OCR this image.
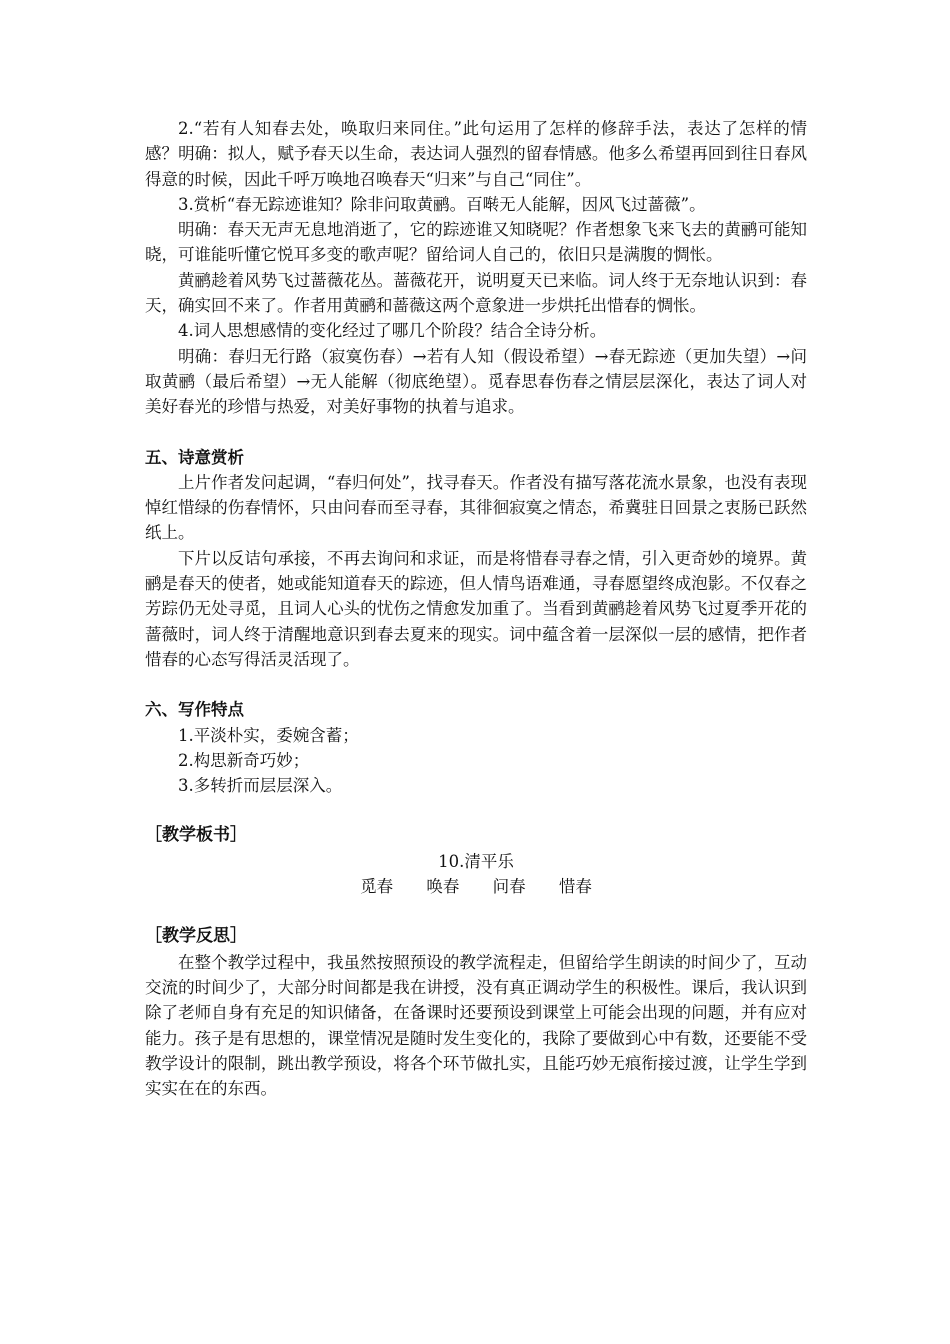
2.“若有人知春去处，唤取归来同住。”此句运用了怎样的修辞手法，表达了怎样的情感？明确：拟人，赋予春天以生命，表达词人强烈的留春情感。他多么希望再回到往日春风得意的时候，因此千呼万唤地召唤春天“归来”与自己“同住”。

3.赏析“春无踪迹谁知？除非问取黄鹂。百啭无人能解，因风飞过蔷薇”。

明确：春天无声无息地消逝了，它的踪迹谁又知晓呢？作者想象飞来飞去的黄鹂可能知晓，可谁能听懂它悦耳多变的歌声呢？留给词人自己的，依旧只是满腹的惆怅。

黄鹂趁着风势飞过蔷薇花丛。蔷薇花开，说明夏天已来临。词人终于无奈地认识到：春天，确实回不来了。作者用黄鹂和蔷薇这两个意象进一步烘托出惜春的惆怅。

4.词人思想感情的变化经过了哪几个阶段？结合全诗分析。

明确：春归无行路（寂寞伤春）→若有人知（假设希望）→春无踪迹（更加失望）→问取黄鹂（最后希望）→无人能解（彻底绝望）。觅春思春伤春之情层层深化，表达了词人对美好春光的珍惜与热爱，对美好事物的执着与追求。

五、诗意赏析

上片作者发问起调，“春归何处”，找寻春天。作者没有描写落花流水景象，也没有表现悼红惜绿的伤春情怀，只由问春而至寻春，其徘徊寂寞之情态，希冀驻日回景之衷肠已跃然纸上。

下片以反诘句承接，不再去询问和求证，而是将惜春寻春之情，引入更奇妙的境界。黄鹂是春天的使者，她或能知道春天的踪迹，但人情鸟语难通，寻春愿望终成泡影。不仅春之芳踪仍无处寻觅，且词人心头的忧伤之情愈发加重了。当看到黄鹂趁着风势飞过夏季开花的蔷薇时，词人终于清醒地意识到春去夏来的现实。词中蕴含着一层深似一层的感情，把作者惜春的心态写得活灵活现了。

六、写作特点

1.平淡朴实，委婉含蓄；

2.构思新奇巧妙；

3.多转折而层层深入。

［教学板书］

10.清平乐

觅春 唤春 问春 惜春

［教学反思］

在整个教学过程中，我虽然按照预设的教学流程走，但留给学生朗读的时间少了，互动交流的时间少了，大部分时间都是我在讲授，没有真正调动学生的积极性。课后，我认识到除了老师自身有充足的知识储备，在备课时还要预设到课堂上可能会出现的问题，并有应对能力。孩子是有思想的，课堂情况是随时发生变化的，我除了要做到心中有数，还要能不受教学设计的限制，跳出教学预设，将各个环节做扎实，且能巧妙无痕衔接过渡，让学生学到实实在在的东西。
